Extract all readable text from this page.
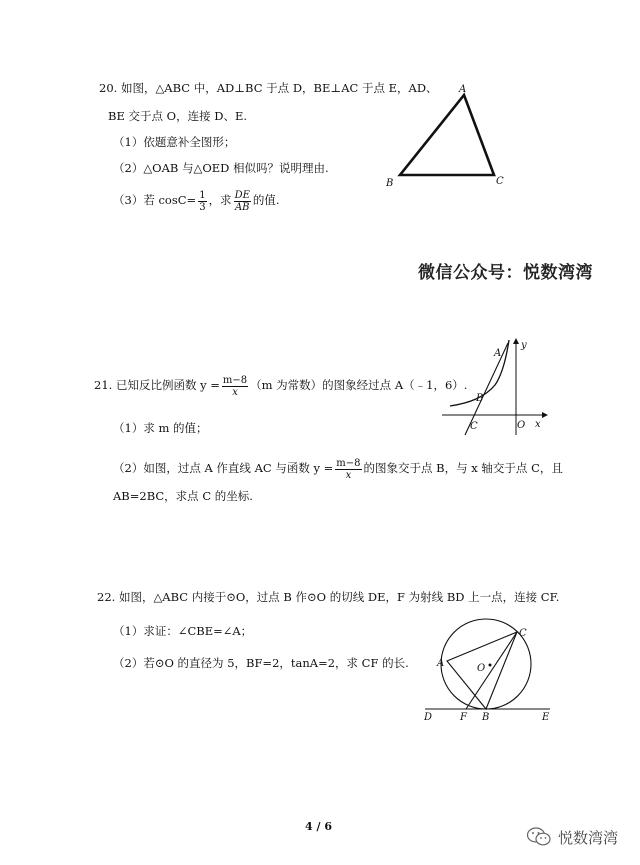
20. 如图，△ABC 中，AD⊥BC 于点 D，BE⊥AC 于点 E，AD、
BE 交于点 O，连接 D、E.
（1）依题意补全图形；
（2）△OAB 与△OED 相似吗？说明理由.
（3）若 $\cos C= \frac{1}{3}$ ，求 $\frac{DE}{AB}$ 的值.
A
B	C
微信公众号：悦数湾湾
21. 已知反比例函数 $y = \frac{m-8}{x} (m$ 为常数）的图象经过点 A（﹣1，6）.
（1）求 m 的值；
（2）如图，过点 A 作直线 AC 与函数 $y = \frac{m-8}{x}$ 的图象交于点 B，与 x 轴交于点 C，且
AB=2BC，求点 C 的坐标.
A
B
C	O x
y
22. 如图，△ABC 内接于⊙O，过点 B 作⊙O 的切线 DE，F 为射线 BD 上一点，连接 CF.
（1）求证：∠CBE=∠A；
（2）若⊙O 的直径为 5，BF=2，tanA=2，求 CF 的长.	A
C
O
B
F
D	E
4 / 6
悦数湾湾
